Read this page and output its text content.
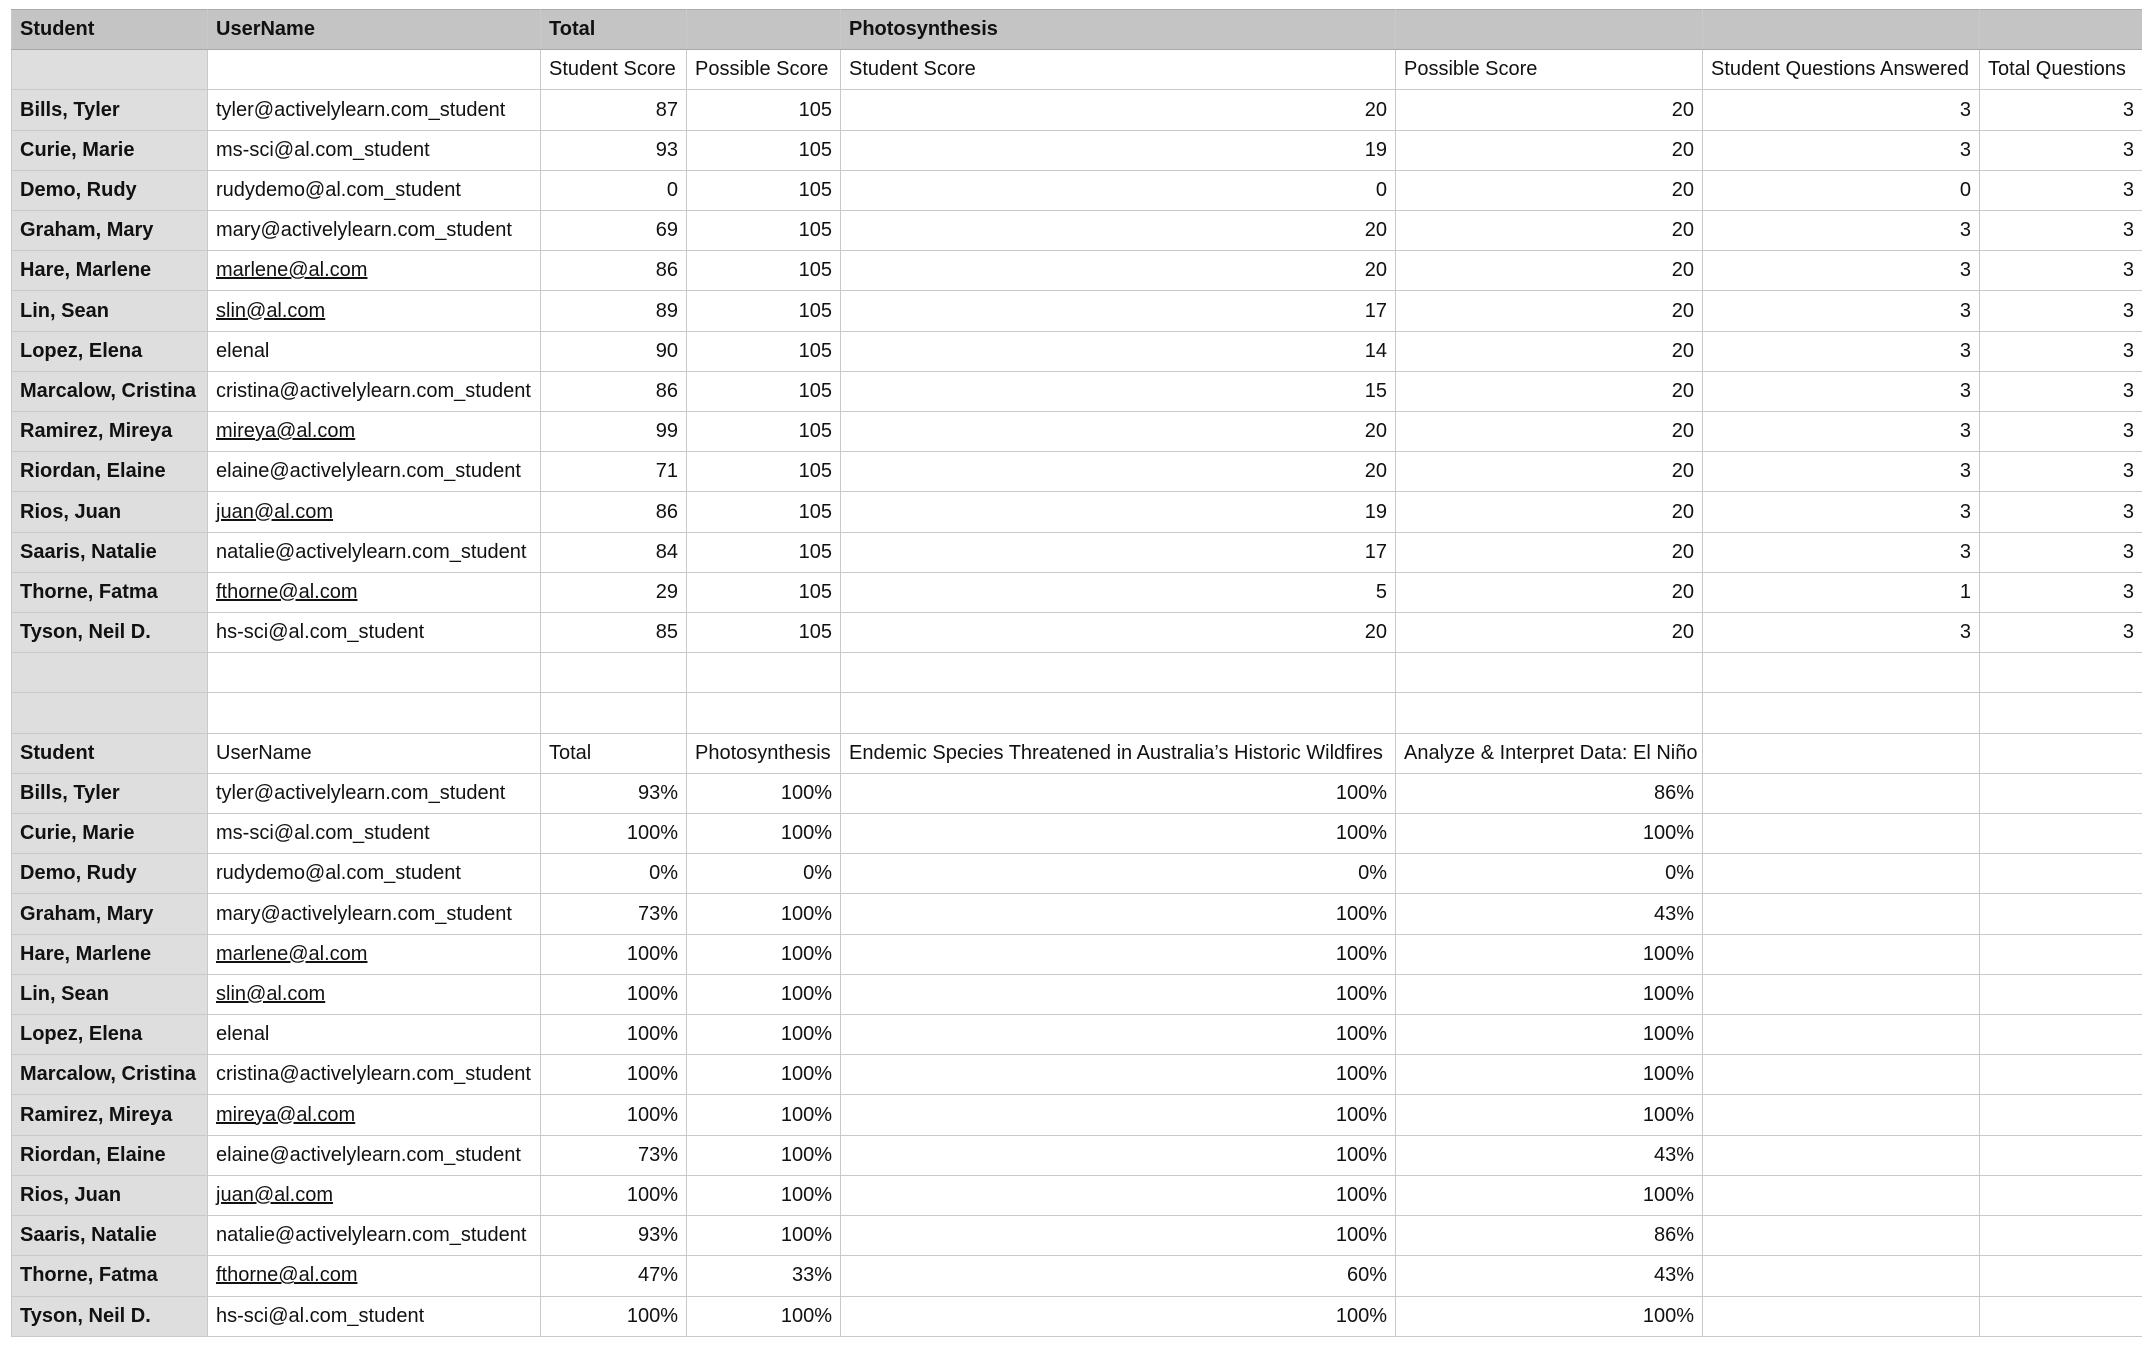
Student	UserName	Total		Photosynthesis			
		Student Score	Possible Score	Student Score	Possible Score	Student Questions Answered	Total Questions
Bills, Tyler	tyler@activelylearn.com_student	87	105	20	20	3	3
Curie, Marie	ms-sci@al.com_student	93	105	19	20	3	3
Demo, Rudy	rudydemo@al.com_student	0	105	0	20	0	3
Graham, Mary	mary@activelylearn.com_student	69	105	20	20	3	3
Hare, Marlene	marlene@al.com	86	105	20	20	3	3
Lin, Sean	slin@al.com	89	105	17	20	3	3
Lopez, Elena	elenal	90	105	14	20	3	3
Marcalow, Cristina	cristina@activelylearn.com_student	86	105	15	20	3	3
Ramirez, Mireya	mireya@al.com	99	105	20	20	3	3
Riordan, Elaine	elaine@activelylearn.com_student	71	105	20	20	3	3
Rios, Juan	juan@al.com	86	105	19	20	3	3
Saaris, Natalie	natalie@activelylearn.com_student	84	105	17	20	3	3
Thorne, Fatma	fthorne@al.com	29	105	5	20	1	3
Tyson, Neil D.	hs-sci@al.com_student	85	105	20	20	3	3

Student	UserName	Total	Photosynthesis	Endemic Species Threatened in Australia’s Historic Wildfires	Analyze & Interpret Data: El Niño		
Bills, Tyler	tyler@activelylearn.com_student	93%	100%	100%	86%		
Curie, Marie	ms-sci@al.com_student	100%	100%	100%	100%		
Demo, Rudy	rudydemo@al.com_student	0%	0%	0%	0%		
Graham, Mary	mary@activelylearn.com_student	73%	100%	100%	43%		
Hare, Marlene	marlene@al.com	100%	100%	100%	100%		
Lin, Sean	slin@al.com	100%	100%	100%	100%		
Lopez, Elena	elenal	100%	100%	100%	100%		
Marcalow, Cristina	cristina@activelylearn.com_student	100%	100%	100%	100%		
Ramirez, Mireya	mireya@al.com	100%	100%	100%	100%		
Riordan, Elaine	elaine@activelylearn.com_student	73%	100%	100%	43%		
Rios, Juan	juan@al.com	100%	100%	100%	100%		
Saaris, Natalie	natalie@activelylearn.com_student	93%	100%	100%	86%		
Thorne, Fatma	fthorne@al.com	47%	33%	60%	43%		
Tyson, Neil D.	hs-sci@al.com_student	100%	100%	100%	100%		
